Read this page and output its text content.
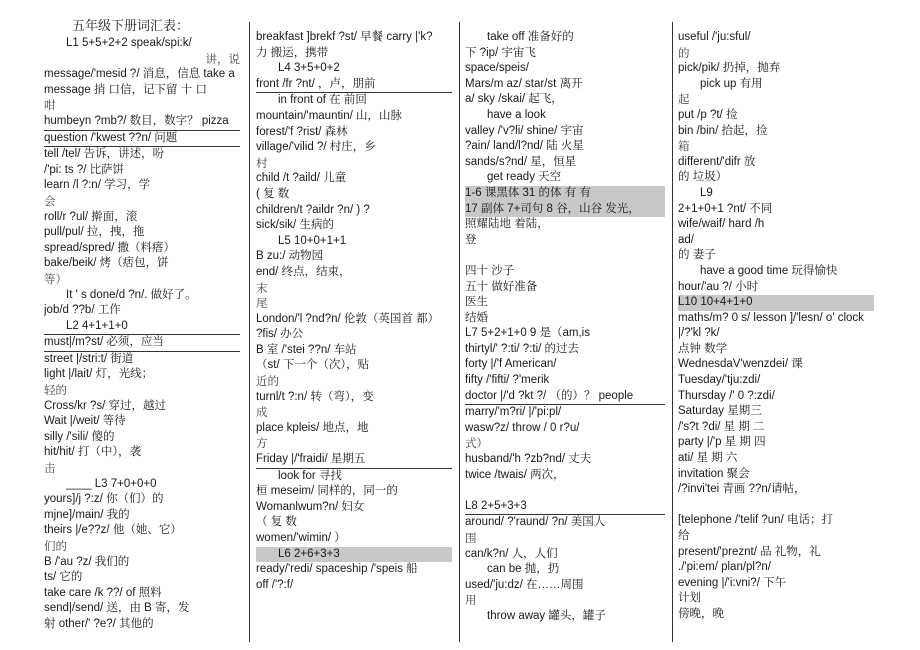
五年级下册词汇表：
L1 5+5+2+2 speak/spi:k/
讲，说
message/'mesid ?/ 消息，信息 take a
message 捎 口信，记下留 十 口
咁
humbeyn ?mb?/ 数目，数字？ pizza
question /'kwest ??n/ 问题
tell /tel/ 告诉，讲述，吩
/'pi: ts ?/ 比萨饼
learn /l ?:n/ 学习，学
会
roll/r ?ul/ 擀面，滚
pull/pul/ 拉，拽，拖
spread/spred/ 撒（料瘩）
bake/beik/ 烤（痞包，饼
等）
It ' s done/d ?n/. 做好了。
job/d ??b/ 工作
L2 4+1+1+0
must|/m?st/ 必须，应当
street |/stri:t/ 街道
light |/lait/ 灯，光线；
轻的
Cross/kr ?s/ 穿过，越过
Wait |/weit/ 等待
silly /'sili/ 傻的
hit/hit/ 打（中），袭
击
____ L3 7+0+0+0
yours]/j ?:z/ 你（们）的
mjne]/main/ 我的
theirs |/e??z/ 他（她、它）
们的
B /'au ?z/ 我们的
ts/ 它的
take care /k ??/ of 照料
send|/send/ 送，由 B 寄，发
射 other/' ?e?/ 其他的
breakfast ]brekf ?st/ 早餐 carry |'k?
力 搬运，携带
L4 3+5+0+2
front /fr ?nt/ ，卢，朋前
in front of 在 前回
mountain/'mauntin/ 山，山脉
forest/'f ?rist/ 森林
village/'vilid ?/ 村庄，乡
村
child /t ?aild/ 儿童
( 复 数
children/t ?aildr ?n/ ) ?
sick/sik/ 生病的
L5 10+0+1+1
B zu:/ 动物园
end/ 终点，结束，
末
尾
London/'l ?nd?n/ 伦敦（英国首 都）
?fis/ 办公
B 室 /'stei ??n/ 车站
（st/ 下一个（次），贴
近的
turnl/t ?:n/ 转（弯），变
成
place kpleis/ 地点，地
方
Friday |/'fraidi/ 星期五
look for 寻找
桓 meseim/ 同样的，同一的
Womanlwum?n/ 妇女
（ 复 数
women/'wimin/ ）
L6 2+6+3+3
ready/'redi/ spaceship /'speis 船
off /'?:f/
take off 准备好的
下 ?ip/ 宇宙飞
space/speis/
Mars/m az/ star/st 离开
a/ sky /skai/ 起飞，
have a look
valley /'v?li/ shine/ 宇宙
?ain/ land/l?nd/ 陆 火星
sands/s?nd/ 星，恒星
get ready 天空
1-6 课黑体 31 的体 有 有
17 副体 7+司句 8 谷，山谷 发光，
照耀陆地 着陆，
登
四十 沙子
五十 做好准备
医生
结婚
L7 5+2+1+0 9 是（am,is
thirtyl/' ?:ti/ ?:ti/ 的过去
forty |/'f American/
fifty /'fifti/ ?'merik
doctor |/'d ?kt ?/ （的）？ people
marry/'m?ri/ |/'pi:pl/
wasw?z/ throw / 0 r?u/
式）
husband/'h ?zb?nd/ 丈夫
twice /twais/ 两次，
L8 2+5+3+3
around/ ?'raund/ ?n/ 美国人
围
can/k?n/ 人，人们
can be 抛，扔
used/'ju:dz/ 在……周围
用
throw away 罐头，罐子
useful /'ju:sful/
的
pick/pik/ 扔掉，抛弃
pick up 有用
起
put /p ?t/ 捡
bin /bin/ 拾起，捡
箱
different/'difr 放
的 垃圾）
L9
2+1+0+1 ?nt/ 不同
wife/waif/ hard /h
ad/
的 妻子
have a good time 玩得愉快
hour/'au ?/ 小时
L10 10+4+1+0
maths/m? 0 s/ lesson ]/'lesn/ o' clock
|/?'kl ?k/
点钟 数学
WednesdaV'wenzdei/ 课
Tuesday/'tju:zdi/
Thursday /' 0 ?:zdi/
Saturday 星期三
/'s?t ?di/ 星 期 二
party |/'p 星 期 四
ati/ 星 期 六
invitation 聚会
/?invi'tei 青画 ??n/请帖，
[telephone /'telif ?un/ 电话；打
给
present/'preznt/ 品 礼物，礼
./'pi:em/ plan/pl?n/
evening |/'i:vni?/ 下午
计划
傍晚，晚
